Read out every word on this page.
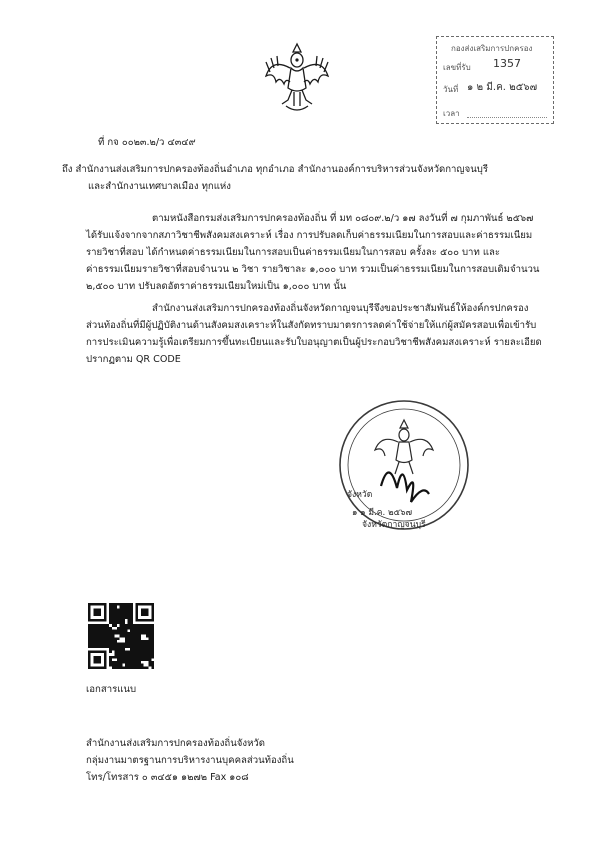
กองส่งเสริมการปกครอง
เลขที่รับ 1357
วันที่ ๑ ๒ มี.ค. ๒๕๖๗
เวลา
ที่ กจ ๐๐๒๓.๒/ว ๔๓๔๙
ถึง สำนักงานส่งเสริมการปกครองท้องถิ่นอำเภอ ทุกอำเภอ สำนักงานองค์การบริหารส่วนจังหวัดกาญจนบุรี
และสำนักงานเทศบาลเมือง ทุกแห่ง
ตามหนังสือกรมส่งเสริมการปกครองท้องถิ่น ที่ มท ๐๘๐๙.๒/ว ๑๗ ลงวันที่ ๗ กุมภาพันธ์ ๒๕๖๗
ได้รับแจ้งจากจากสภาวิชาชีพสังคมสงเคราะห์ เรื่อง การปรับลดเก็บค่าธรรมเนียมในการสอบและค่าธรรมเนียม
รายวิชาที่สอบ ได้กำหนดค่าธรรมเนียมในการสอบเป็นค่าธรรมเนียมในการสอบ ครั้งละ ๕๐๐ บาท และ
ค่าธรรมเนียมรายวิชาที่สอบจำนวน ๒ วิชา รายวิชาละ ๑,๐๐๐ บาท รวมเป็นค่าธรรมเนียมในการสอบเดิมจำนวน
๒,๕๐๐ บาท ปรับลดอัตราค่าธรรมเนียมใหม่เป็น ๑,๐๐๐ บาท นั้น
สำนักงานส่งเสริมการปกครองท้องถิ่นจังหวัดกาญจนบุรีจึงขอประชาสัมพันธ์ให้องค์กรปกครอง
ส่วนท้องถิ่นที่มีผู้ปฏิบัติงานด้านสังคมสงเคราะห์ในสังกัดทราบมาตรการลดค่าใช้จ่ายให้แก่ผู้สมัครสอบเพื่อเข้ารับ
การประเมินความรู้เพื่อเตรียมการขึ้นทะเบียนและรับใบอนุญาตเป็นผู้ประกอบวิชาชีพสังคมสงเคราะห์ รายละเอียด
ปรากฏตาม QR CODE
จังหวัด
๑ ๑ มี.ค. ๒๕๖๗
จังหวัดกาญจนบุรี
เอกสารแนบ
สำนักงานส่งเสริมการปกครองท้องถิ่นจังหวัด
กลุ่มงานมาตรฐานการบริหารงานบุคคลส่วนท้องถิ่น
โทร/โทรสาร ๐ ๓๔๕๑ ๑๒๗๒ Fax ๑๐๘
